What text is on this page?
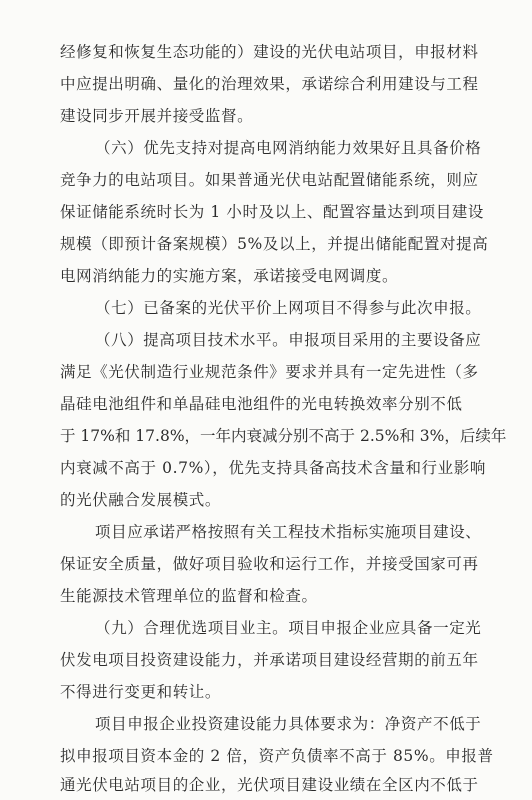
经修复和恢复生态功能的）建设的光伏电站项目，申报材料
中应提出明确、量化的治理效果，承诺综合利用建设与工程
建设同步开展并接受监督。
（六）优先支持对提高电网消纳能力效果好且具备价格
竞争力的电站项目。如果普通光伏电站配置储能系统，则应
保证储能系统时长为 1 小时及以上、配置容量达到项目建设
规模（即预计备案规模）5%及以上，并提出储能配置对提高
电网消纳能力的实施方案，承诺接受电网调度。
（七）已备案的光伏平价上网项目不得参与此次申报。
（八）提高项目技术水平。申报项目采用的主要设备应
满足《光伏制造行业规范条件》要求并具有一定先进性（多
晶硅电池组件和单晶硅电池组件的光电转换效率分别不低
于 17%和 17.8%，一年内衰减分别不高于 2.5%和 3%，后续年
内衰减不高于 0.7%），优先支持具备高技术含量和行业影响
的光伏融合发展模式。
项目应承诺严格按照有关工程技术指标实施项目建设、
保证安全质量，做好项目验收和运行工作，并接受国家可再
生能源技术管理单位的监督和检查。
（九）合理优选项目业主。项目申报企业应具备一定光
伏发电项目投资建设能力，并承诺项目建设经营期的前五年
不得进行变更和转让。
项目申报企业投资建设能力具体要求为：净资产不低于
拟申报项目资本金的 2 倍，资产负债率不高于 85%。申报普
通光伏电站项目的企业，光伏项目建设业绩在全区内不低于
